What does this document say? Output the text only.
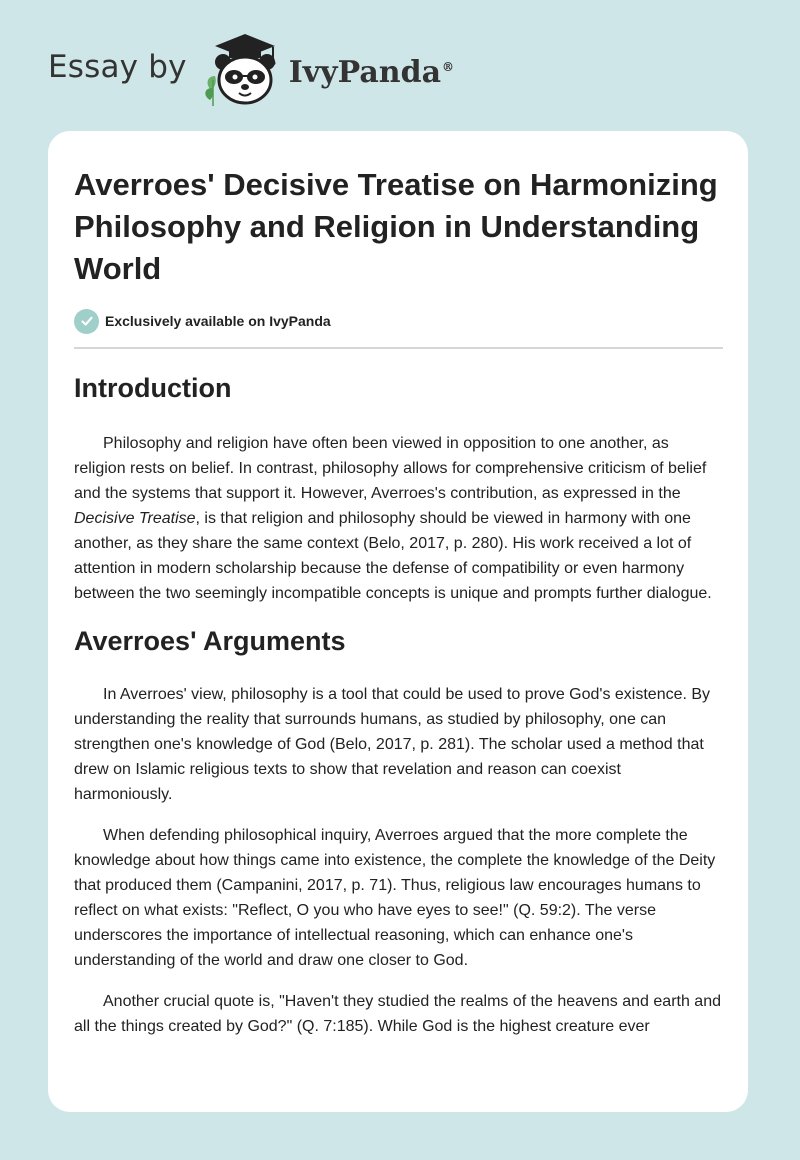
Essay by	IvyPanda®
Averroes' Decisive Treatise on Harmonizing Philosophy and Religion in Understanding World
Exclusively available on IvyPanda
Introduction

Philosophy and religion have often been viewed in opposition to one another, as religion rests on belief. In contrast, philosophy allows for comprehensive criticism of belief and the systems that support it. However, Averroes's contribution, as expressed in the Decisive Treatise, is that religion and philosophy should be viewed in harmony with one another, as they share the same context (Belo, 2017, p. 280). His work received a lot of attention in modern scholarship because the defense of compatibility or even harmony between the two seemingly incompatible concepts is unique and prompts further dialogue.

Averroes' Arguments

In Averroes' view, philosophy is a tool that could be used to prove God's existence. By understanding the reality that surrounds humans, as studied by philosophy, one can strengthen one's knowledge of God (Belo, 2017, p. 281). The scholar used a method that drew on Islamic religious texts to show that revelation and reason can coexist harmoniously.

When defending philosophical inquiry, Averroes argued that the more complete the knowledge about how things came into existence, the complete the knowledge of the Deity that produced them (Campanini, 2017, p. 71). Thus, religious law encourages humans to reflect on what exists: "Reflect, O you who have eyes to see!" (Q. 59:2). The verse underscores the importance of intellectual reasoning, which can enhance one's understanding of the world and draw one closer to God.

Another crucial quote is, "Haven't they studied the realms of the heavens and earth and all the things created by God?" (Q. 7:185). While God is the highest creature ever
